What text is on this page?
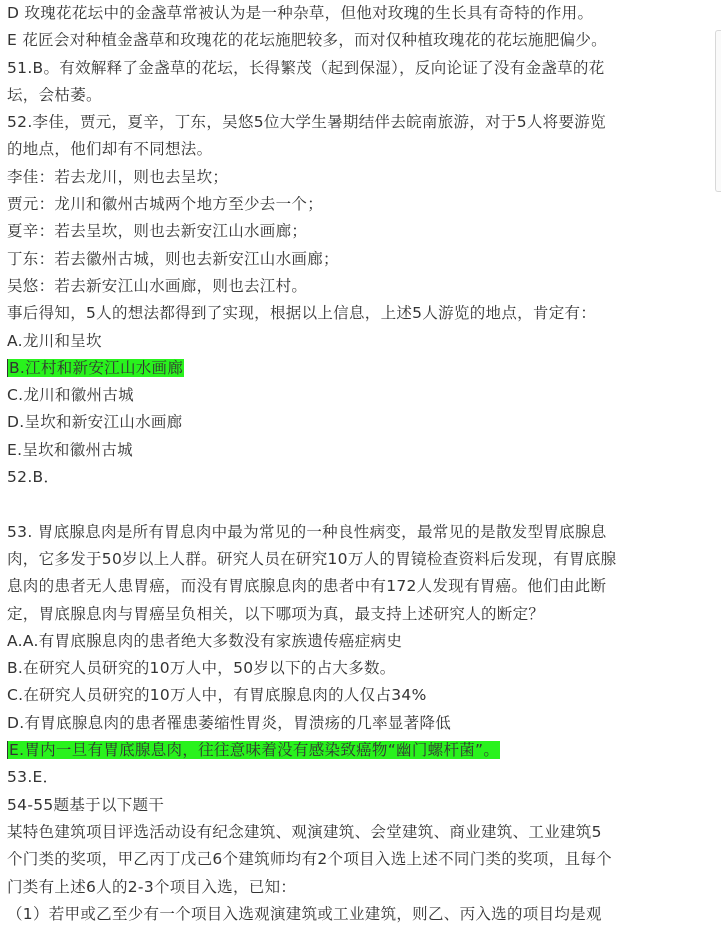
D 玫瑰花花坛中的金盏草常被认为是一种杂草，但他对玫瑰的生长具有奇特的作用。
E 花匠会对种植金盏草和玫瑰花的花坛施肥较多，而对仅种植玫瑰花的花坛施肥偏少。
51.B。有效解释了金盏草的花坛，长得繁茂（起到保湿），反向论证了没有金盏草的花
坛，会枯萎。
52.李佳，贾元，夏辛，丁东，吴悠5位大学生暑期结伴去皖南旅游，对于5人将要游览
的地点，他们却有不同想法。
李佳：若去龙川，则也去呈坎；
贾元：龙川和徽州古城两个地方至少去一个；
夏辛：若去呈坎，则也去新安江山水画廊；
丁东：若去徽州古城，则也去新安江山水画廊；
吴悠：若去新安江山水画廊，则也去江村。
事后得知，5人的想法都得到了实现，根据以上信息，上述5人游览的地点，肯定有：
A.龙川和呈坎
B.江村和新安江山水画廊
C.龙川和徽州古城
D.呈坎和新安江山水画廊
E.呈坎和徽州古城
52.B．
53. 胃底腺息肉是所有胃息肉中最为常见的一种良性病变，最常见的是散发型胃底腺息
肉，它多发于50岁以上人群。研究人员在研究10万人的胃镜检查资料后发现，有胃底腺
息肉的患者无人患胃癌，而没有胃底腺息肉的患者中有172人发现有胃癌。他们由此断
定，胃底腺息肉与胃癌呈负相关，以下哪项为真，最支持上述研究人的断定？
A.A.有胃底腺息肉的患者绝大多数没有家族遗传癌症病史
B.在研究人员研究的10万人中，50岁以下的占大多数。
C.在研究人员研究的10万人中，有胃底腺息肉的人仅占34%
D.有胃底腺息肉的患者罹患萎缩性胃炎，胃溃疡的几率显著降低
E.胃内一旦有胃底腺息肉，往往意味着没有感染致癌物“幽门螺杆菌”。
53.E．
54-55题基于以下题干
某特色建筑项目评选活动设有纪念建筑、观演建筑、会堂建筑、商业建筑、工业建筑5
个门类的奖项，甲乙丙丁戊己6个建筑师均有2个项目入选上述不同门类的奖项，且每个
门类有上述6人的2-3个项目入选，已知：
（1）若甲或乙至少有一个项目入选观演建筑或工业建筑，则乙、丙入选的项目均是观
